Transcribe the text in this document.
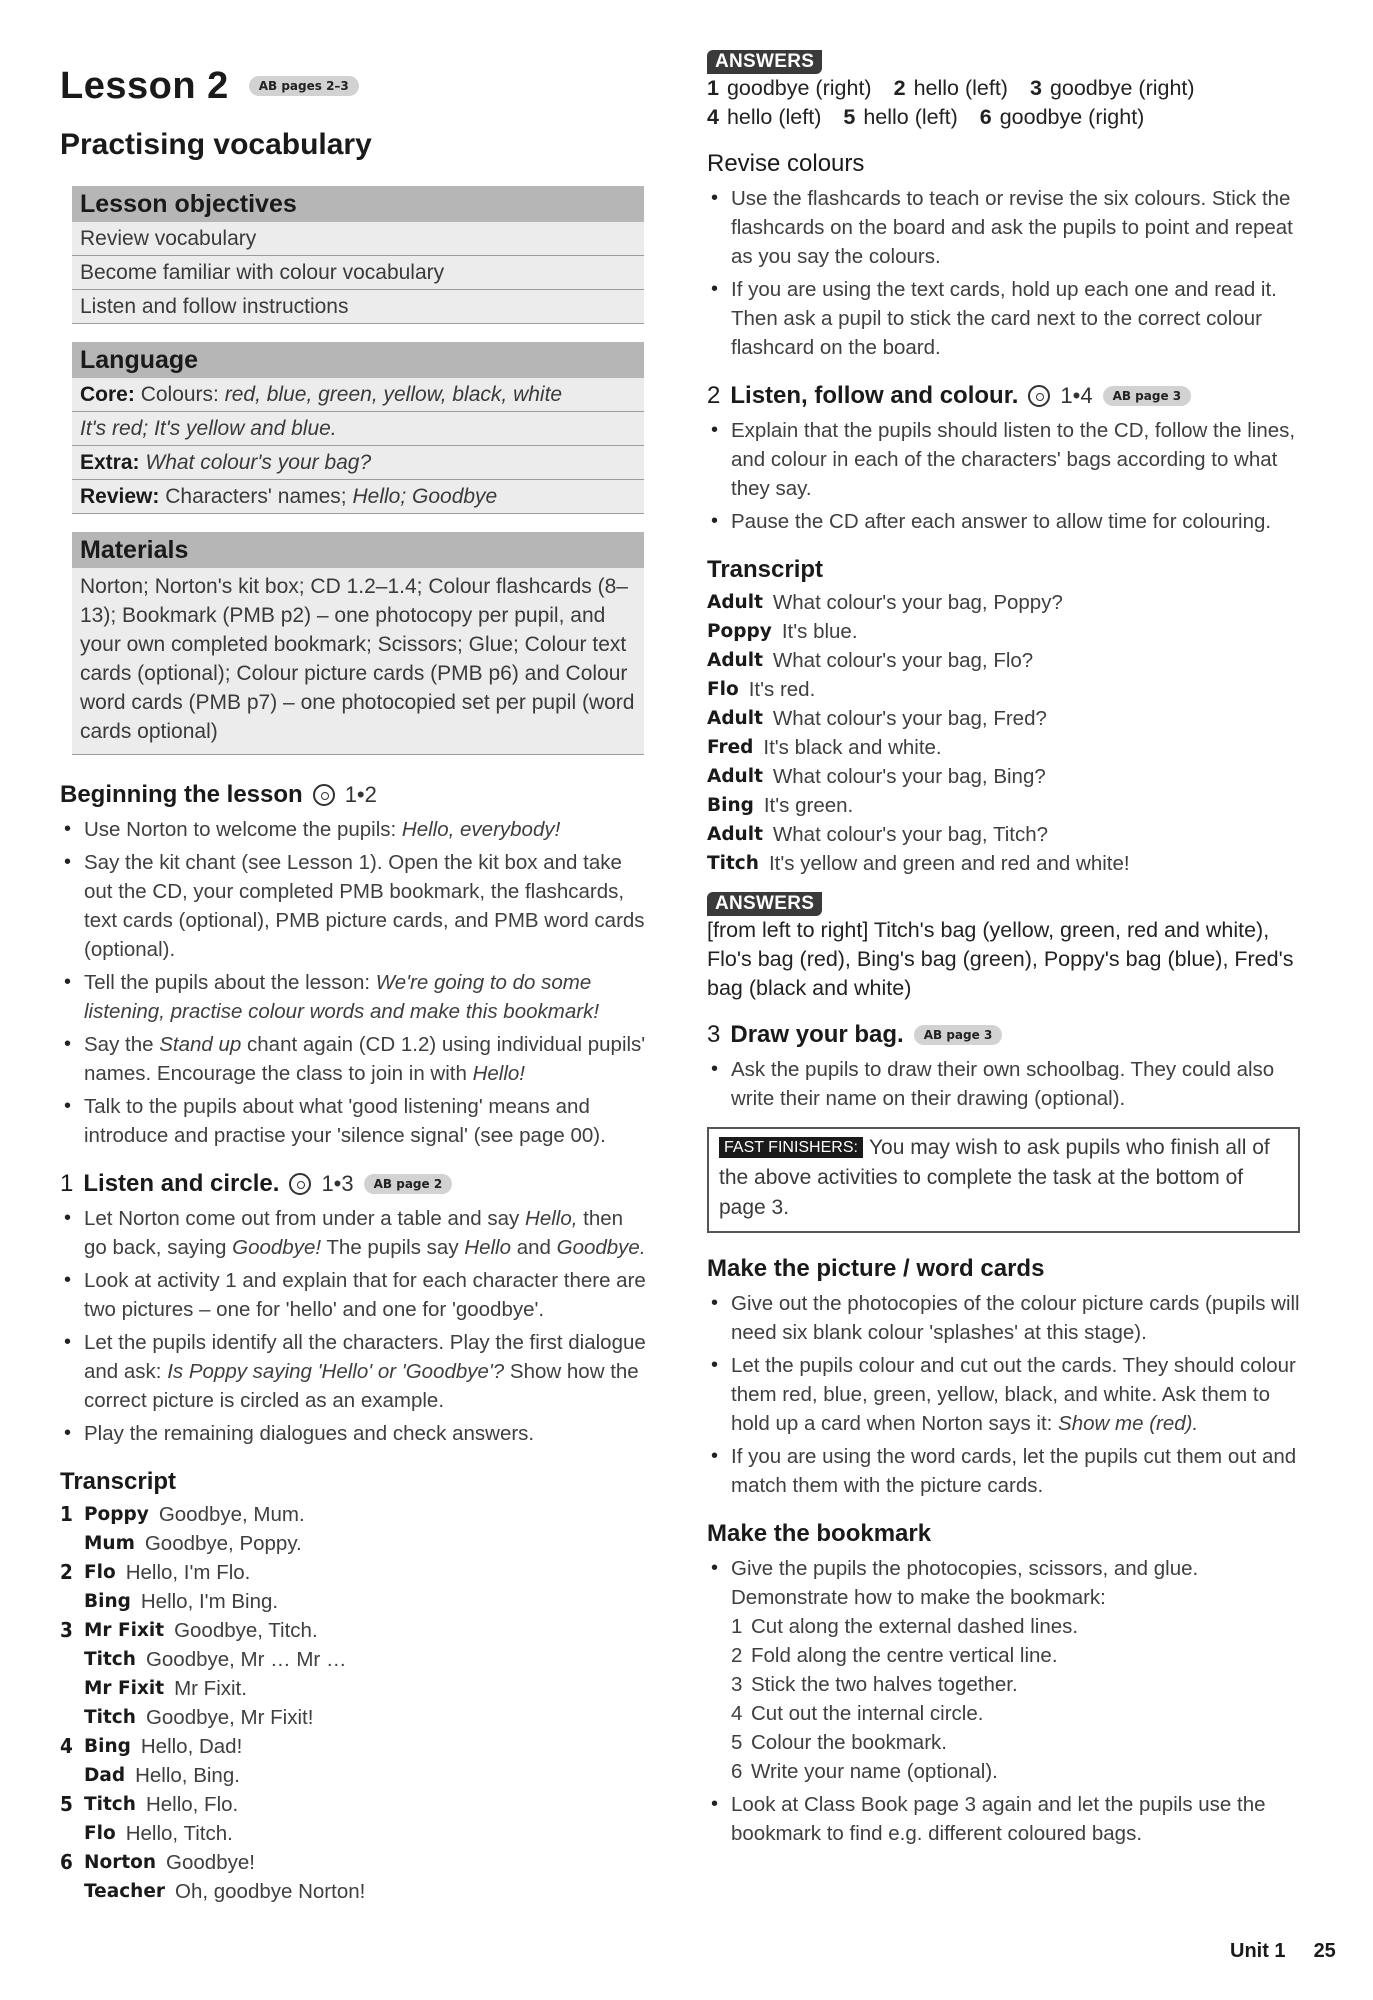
Lesson 2	AB pages 2–3
Practising vocabulary
Lesson objectives
Review vocabulary
Become familiar with colour vocabulary
Listen and follow instructions
Language
Core: Colours: red, blue, green, yellow, black, white
It's red; It's yellow and blue.
Extra: What colour's your bag?
Review: Characters' names; Hello; Goodbye
Materials
Norton; Norton's kit box; CD 1.2–1.4; Colour flashcards (8–13); Bookmark (PMB p2) – one photocopy per pupil, and your own completed bookmark; Scissors; Glue; Colour text cards (optional); Colour picture cards (PMB p6) and Colour word cards (PMB p7) – one photocopied set per pupil (word cards optional)
Beginning the lesson 1•2
• Use Norton to welcome the pupils: Hello, everybody!
• Say the kit chant (see Lesson 1). Open the kit box and take out the CD, your completed PMB bookmark, the flashcards, text cards (optional), PMB picture cards, and PMB word cards (optional).
• Tell the pupils about the lesson: We're going to do some listening, practise colour words and make this bookmark!
• Say the Stand up chant again (CD 1.2) using individual pupils' names. Encourage the class to join in with Hello!
• Talk to the pupils about what 'good listening' means and introduce and practise your 'silence signal' (see page 00).
1 Listen and circle. 1•3	AB page 2
• Let Norton come out from under a table and say Hello, then go back, saying Goodbye! The pupils say Hello and Goodbye.
• Look at activity 1 and explain that for each character there are two pictures – one for 'hello' and one for 'goodbye'.
• Let the pupils identify all the characters. Play the first dialogue and ask: Is Poppy saying 'Hello' or 'Goodbye'? Show how the correct picture is circled as an example.
• Play the remaining dialogues and check answers.
Transcript
1 Poppy Goodbye, Mum.
Mum Goodbye, Poppy.
2 Flo Hello, I'm Flo.
Bing Hello, I'm Bing.
3 Mr Fixit Goodbye, Titch.
Titch Goodbye, Mr … Mr …
Mr Fixit Mr Fixit.
Titch Goodbye, Mr Fixit!
4 Bing Hello, Dad!
Dad Hello, Bing.
5 Titch Hello, Flo.
Flo Hello, Titch.
6 Norton Goodbye!
Teacher Oh, goodbye Norton!
ANSWERS
1 goodbye (right) 2 hello (left) 3 goodbye (right)
4 hello (left) 5 hello (left) 6 goodbye (right)
Revise colours
• Use the flashcards to teach or revise the six colours. Stick the flashcards on the board and ask the pupils to point and repeat as you say the colours.
• If you are using the text cards, hold up each one and read it. Then ask a pupil to stick the card next to the correct colour flashcard on the board.
2 Listen, follow and colour. 1•4	AB page 3
• Explain that the pupils should listen to the CD, follow the lines, and colour in each of the characters' bags according to what they say.
• Pause the CD after each answer to allow time for colouring.
Transcript
Adult What colour's your bag, Poppy?
Poppy It's blue.
Adult What colour's your bag, Flo?
Flo It's red.
Adult What colour's your bag, Fred?
Fred It's black and white.
Adult What colour's your bag, Bing?
Bing It's green.
Adult What colour's your bag, Titch?
Titch It's yellow and green and red and white!
ANSWERS
[from left to right] Titch's bag (yellow, green, red and white), Flo's bag (red), Bing's bag (green), Poppy's bag (blue), Fred's bag (black and white)
3 Draw your bag.	AB page 3
• Ask the pupils to draw their own schoolbag. They could also write their name on their drawing (optional).
FAST FINISHERS: You may wish to ask pupils who finish all of the above activities to complete the task at the bottom of page 3.
Make the picture / word cards
• Give out the photocopies of the colour picture cards (pupils will need six blank colour 'splashes' at this stage).
• Let the pupils colour and cut out the cards. They should colour them red, blue, green, yellow, black, and white. Ask them to hold up a card when Norton says it: Show me (red).
• If you are using the word cards, let the pupils cut them out and match them with the picture cards.
Make the bookmark
• Give the pupils the photocopies, scissors, and glue. Demonstrate how to make the bookmark:
1 Cut along the external dashed lines.
2 Fold along the centre vertical line.
3 Stick the two halves together.
4 Cut out the internal circle.
5 Colour the bookmark.
6 Write your name (optional).
• Look at Class Book page 3 again and let the pupils use the bookmark to find e.g. different coloured bags.
Unit 1 25
